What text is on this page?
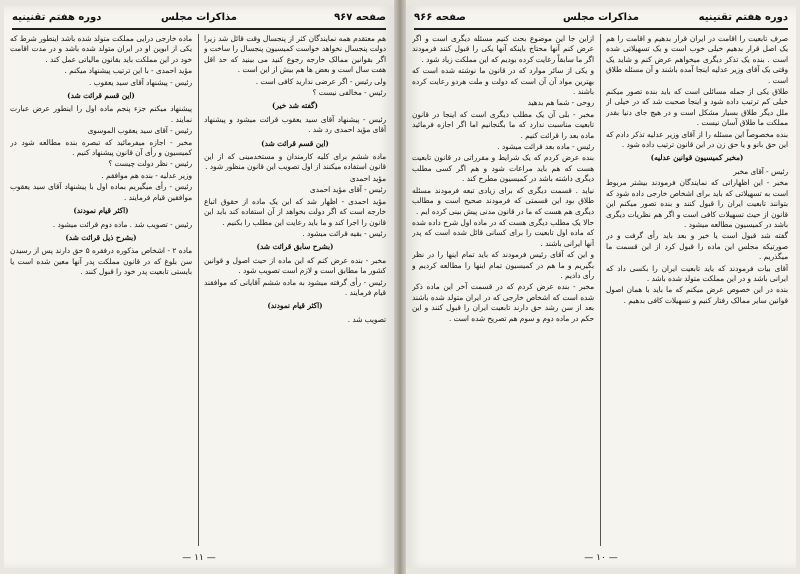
صفحه ۹۶۷
مذاکرات مجلس
دوره هفتم تقنینیه

هم معتقدم همه نمایندگان کثر از پنجسال وقت قائل شد زیرا دولت پنجسال نخواهد خواست کمیسیون پنجسال را ساخت و اگر بقوانین ممالک خارجه رجوع کنید می بینید که حد اقل هفت سال است و بعض ها هم بیش از این است .

ولی رئیس - اگر عرضی ندارید کافی است .

رئیس - مخالفی نیست ؟

(گفته شد خیر)

رئیس - پیشنهاد آقای سید یعقوب قرائت میشود و پیشنهاد آقای مؤید احمدی رد شد .

(این قسم قرائت شد)

ماده ششم برای کلیه کارمندان و مستخدمینی که از این قانون استفاده میکنند از اول تصویب این قانون منظور شود .

مؤید احمدی

رئیس - آقای مؤید احمدی

مؤید احمدی - اظهار شد که این یک ماده از حقوق اتباع خارجه است که اگر دولت بخواهد از آن استفاده کند باید این قانون را اجرا کند و ما باید رعایت این مطلب را بکنیم .

رئیس - بقیه قرائت میشود .

(بشرح سابق قرائت شد)

مخبر - بنده عرض کنم که این ماده از حیث اصول و قوانین کشور ما مطابق است و لازم است تصویب شود .

رئیس - رأی گرفته میشود به ماده ششم آقایانی که موافقند قیام فرمایند .

(اکثر قیام نمودند)

تصویب شد .

ماده خارجی درایی مملکت متولد شده باشد اینطور شرط که یکی از ابوین او در ایران متولد شده باشد و در مدت اقامت خود در این مملکت باید بقانون مالیاتی عمل کند .

مؤید احمدی - با این ترتیب پیشنهاد میکنم .

رئیس - پیشنهاد آقای سید یعقوب .

(این قسم قرائت شد)

پیشنهاد میکنم جزء پنجم ماده اول را اینطور عرض عبارت نمایند .

رئیس - آقای سید یعقوب الموسوی

مخبر - اجازه میفرمائید که تبصره بنده مطالعه شود در کمیسیون و رأی آن قانون پیشنهاد کنیم .

رئیس - نظر دولت چیست ؟

وزیر عدلیه - بنده هم موافقم .

رئیس - رأی میگیریم بماده اول با پیشنهاد آقای سید یعقوب موافقین قیام فرمایند .

(اکثر قیام نمودند)

رئیس - تصویب شد . ماده دوم قرائت میشود .

(بشرح ذیل قرائت شد)

ماده ۲ - اشخاص مذکوره درفقره ۵ حق دارند پس از رسیدن سن بلوغ که در قانون مملکت پدر آنها معین شده است یا بایستی تابعیت پدر خود را قبول کنند .

— ۱۱ —
دوره هفتم تقنینیه
مذاکرات مجلس
صفحه ۹۶۶

صرف تابعیت را اقامت در ایران قرار بدهیم و اقامت را هم یک اصل قرار بدهیم خیلی خوب است و یک تسهیلاتی شده است . بنده یک تذکر دیگری میخواهم عرض کنم و شاید یک وقتی یک آقای وزیر عدلیه اینجا آمده باشند و آن مسئله طلاق است .

طلاق یکی از جمله مسائلی است که باید بنده تصور میکنم خیلی کم ترتیب داده شود و اینجا صحبت شد که در خیلی از ملل دیگر طلاق بسیار مشکل است و در هیچ جای دنیا بقدر مملکت ما طلاق آسان نیست .

بنده مخصوصاً این مسئله را از آقای وزیر عدلیه تذکر دادم که این حق بانو و یا حق زن در این قانون ترتیب داده شود .

(مخبر کمیسیون قوانین عدلیه)

رئیس - آقای مخبر

مخبر - این اظهاراتی که نمایندگان فرمودند بیشتر مربوط است به تسهیلاتی که باید برای اشخاص خارجی داده شود که بتوانند تابعیت ایران را قبول کنند و بنده تصور میکنم این قانون از حیث تسهیلات کافی است و اگر هم نظریات دیگری باشد در کمیسیون مطالعه میشود .

گفته شد قبول است یا خیر و بعد باید رأی گرفت و در صورتیکه مجلس این ماده را قبول کرد از این قسمت ما میگذریم .

آقای بیات فرمودند که باید تابعیت ایران را بکسی داد که ایرانی باشد و در این مملکت متولد شده باشد .

بنده در این خصوص عرض میکنم که ما باید با همان اصول قوانین سایر ممالک رفتار کنیم و تسهیلات کافی بدهیم .

ازاین جا این موضوع بحث کنیم مسئله دیگری است و اگر عرض کنم آنها محتاج باینکه آنها یکی را قبول کنند فرمودند اگر ما سابقاً رعایت کرده بودیم که این مملکت زیاد شود .

و یکی از سائر موارد که در قانون ما نوشته شده است که بهترین مواد آن آن است که دولت و ملت هردو رعایت کرده باشند .

روحی - شما هم بدهید

مخبر - بلی آن یک مطلب دیگری است که اینجا در قانون تابعیت مناسبت ندارد که ما بگنجانیم اما اگر اجازه فرمائید ماده بعد را قرائت کنیم .

رئیس - ماده بعد قرائت میشود .

بنده عرض کردم که یک شرایط و مقرراتی در قانون تابعیت هست که هم باید مراعات شود و هم اگر کسی مطلب دیگری داشته باشد در کمیسیون مطرح کند .

نیاید . قسمت دیگری که برای زیادی تبعه فرمودند مسئله طلاق بود این قسمتی که فرمودند صحیح است و مطالب دیگری هم هست که ما در قانون مدنی پیش بینی کرده ایم .

حالا یک مطلب دیگری هست که در ماده اول شرح داده شده که ماده اول تابعیت را برای کسانی قائل شده است که پدر آنها ایرانی باشند .

و این که آقای رئیس فرمودند که باید تمام اینها را در نظر بگیریم و ما هم در کمیسیون تمام اینها را مطالعه کردیم و رأی دادیم .

مخبر - بنده عرض کردم که در قسمت آخر این ماده ذکر شده است که اشخاص خارجی که در ایران متولد شده باشند بعد از سن رشد حق دارند تابعیت ایران را قبول کنند و این حکم در ماده دوم و سوم هم تصریح شده است .

— ۱۰ —
